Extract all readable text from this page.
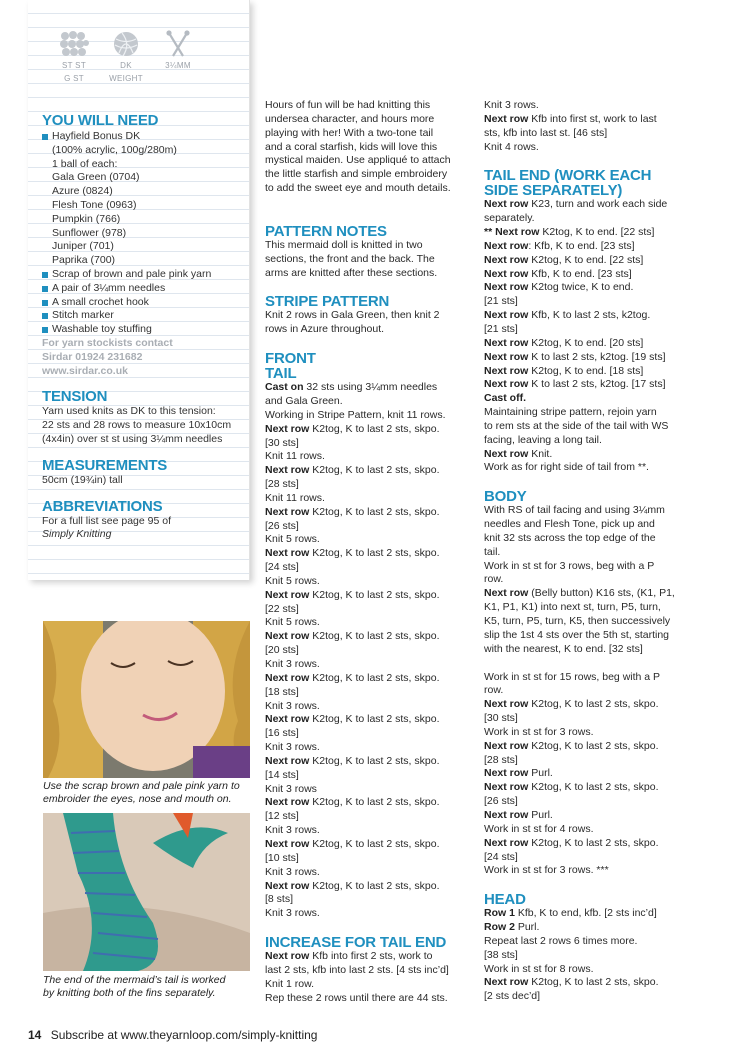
ST ST
G ST
DK
WEIGHT
3¼MM
YOU WILL NEED
Hayfield Bonus DK
(100% acrylic, 100g/280m)
1 ball of each:
Gala Green (0704)
Azure (0824)
Flesh Tone (0963)
Pumpkin (766)
Sunflower (978)
Juniper (701)
Paprika (700)
Scrap of brown and pale pink yarn
A pair of 3¼mm needles
A small crochet hook
Stitch marker
Washable toy stuffing
For yarn stockists contact
Sirdar 01924 231682
www.sirdar.co.uk
TENSION
Yarn used knits as DK to this tension:
22 sts and 28 rows to measure 10x10cm
(4x4in) over st st using 3¼mm needles
MEASUREMENTS
50cm (19¾in) tall
ABBREVIATIONS
For a full list see page 95 of
Simply Knitting
Use the scrap brown and pale pink yarn to
embroider the eyes, nose and mouth on.
The end of the mermaid’s tail is worked
by knitting both of the fins separately.

Hours of fun will be had knitting this

undersea character, and hours more

playing with her! With a two-tone tail

and a coral starfish, kids will love this

mystical maiden. Use appliqué to attach

the little starfish and simple embroidery

to add the sweet eye and mouth details.

PATTERN NOTES

This mermaid doll is knitted in two

sections, the front and the back. The

arms are knitted after these sections.

STRIPE PATTERN

Knit 2 rows in Gala Green, then knit 2

rows in Azure throughout.

FRONT
TAIL

Cast on 32 sts using 3¼mm needles

and Gala Green.

Working in Stripe Pattern, knit 11 rows.

Next row K2tog, K to last 2 sts, skpo.

[30 sts]

Knit 11 rows.

Next row K2tog, K to last 2 sts, skpo.

[28 sts]

Knit 11 rows.

Next row K2tog, K to last 2 sts, skpo.

[26 sts]

Knit 5 rows.

Next row K2tog, K to last 2 sts, skpo.

[24 sts]

Knit 5 rows.

Next row K2tog, K to last 2 sts, skpo.

[22 sts]

Knit 5 rows.

Next row K2tog, K to last 2 sts, skpo.

[20 sts]

Knit 3 rows.

Next row K2tog, K to last 2 sts, skpo.

[18 sts]

Knit 3 rows.

Next row K2tog, K to last 2 sts, skpo.

[16 sts]

Knit 3 rows.

Next row K2tog, K to last 2 sts, skpo.

[14 sts]

Knit 3 rows

Next row K2tog, K to last 2 sts, skpo.

[12 sts]

Knit 3 rows.

Next row K2tog, K to last 2 sts, skpo.

[10 sts]

Knit 3 rows.

Next row K2tog, K to last 2 sts, skpo.

[8 sts]

Knit 3 rows.

INCREASE FOR TAIL END

Next row Kfb into first 2 sts, work to

last 2 sts, kfb into last 2 sts. [4 sts inc’d]

Knit 1 row.

Rep these 2 rows until there are 44 sts.

Knit 3 rows.

Next row Kfb into first st, work to last

sts, kfb into last st. [46 sts]

Knit 4 rows.

TAIL END (WORK EACH
SIDE SEPARATELY)

Next row K23, turn and work each side

separately.

** Next row K2tog, K to end. [22 sts]

Next row: Kfb, K to end. [23 sts]

Next row K2tog, K to end. [22 sts]

Next row Kfb, K to end. [23 sts]

Next row K2tog twice, K to end.

[21 sts]

Next row Kfb, K to last 2 sts, k2tog.

[21 sts]

Next row K2tog, K to end. [20 sts]

Next row K to last 2 sts, k2tog. [19 sts]

Next row K2tog, K to end. [18 sts]

Next row K to last 2 sts, k2tog. [17 sts]

Cast off.

Maintaining stripe pattern, rejoin yarn

to rem sts at the side of the tail with WS

facing, leaving a long tail.

Next row Knit.

Work as for right side of tail from **.

BODY

With RS of tail facing and using 3¼mm

needles and Flesh Tone, pick up and

knit 32 sts across the top edge of the

tail.

Work in st st for 3 rows, beg with a P

row.

Next row (Belly button) K16 sts, (K1, P1,

K1, P1, K1) into next st, turn, P5, turn,

K5, turn, P5, turn, K5, then successively

slip the 1st 4 sts over the 5th st, starting

with the nearest, K to end. [32 sts]

Work in st st for 15 rows, beg with a P

row.

Next row K2tog, K to last 2 sts, skpo.

[30 sts]

Work in st st for 3 rows.

Next row K2tog, K to last 2 sts, skpo.

[28 sts]

Next row Purl.

Next row K2tog, K to last 2 sts, skpo.

[26 sts]

Next row Purl.

Work in st st for 4 rows.

Next row K2tog, K to last 2 sts, skpo.

[24 sts]

Work in st st for 3 rows. ***

HEAD

Row 1 Kfb, K to end, kfb. [2 sts inc’d]

Row 2 Purl.

Repeat last 2 rows 6 times more.

[38 sts]

Work in st st for 8 rows.

Next row K2tog, K to last 2 sts, skpo.

[2 sts dec’d]

14 Subscribe at www.theyarnloop.com/simply-knitting
